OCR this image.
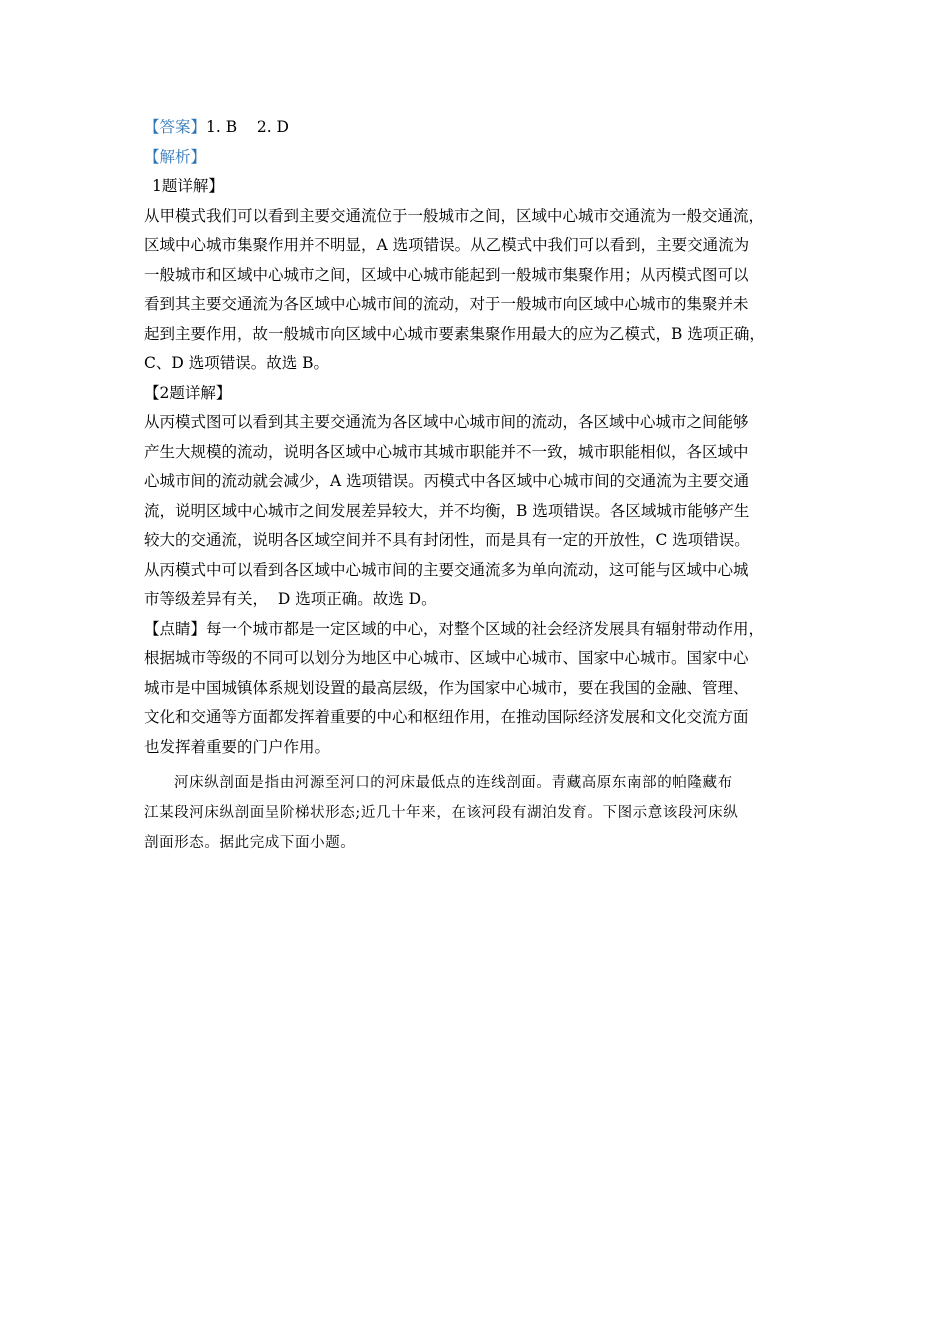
【答案】1. B    2. D

【解析】

1题详解】

从甲模式我们可以看到主要交通流位于一般城市之间，区域中心城市交通流为一般交通流，
区域中心城市集聚作用并不明显，A 选项错误。从乙模式中我们可以看到，主要交通流为
一般城市和区域中心城市之间，区域中心城市能起到一般城市集聚作用；从丙模式图可以
看到其主要交通流为各区域中心城市间的流动，对于一般城市向区域中心城市的集聚并未
起到主要作用，故一般城市向区域中心城市要素集聚作用最大的应为乙模式，B 选项正确，
C、D 选项错误。故选 B。

【2题详解】

从丙模式图可以看到其主要交通流为各区域中心城市间的流动，各区域中心城市之间能够
产生大规模的流动，说明各区域中心城市其城市职能并不一致，城市职能相似，各区域中
心城市间的流动就会减少，A 选项错误。丙模式中各区域中心城市间的交通流为主要交通
流，说明区域中心城市之间发展差异较大，并不均衡，B 选项错误。各区域城市能够产生
较大的交通流，说明各区域空间并不具有封闭性，而是具有一定的开放性，C 选项错误。
从丙模式中可以看到各区域中心城市间的主要交通流多为单向流动，这可能与区域中心城
市等级差异有关，  D 选项正确。故选 D。
【点睛】每一个城市都是一定区域的中心，对整个区域的社会经济发展具有辐射带动作用，
根据城市等级的不同可以划分为地区中心城市、区域中心城市、国家中心城市。国家中心
城市是中国城镇体系规划设置的最高层级，作为国家中心城市，要在我国的金融、管理、
文化和交通等方面都发挥着重要的中心和枢纽作用，在推动国际经济发展和文化交流方面
也发挥着重要的门户作用。
河床纵剖面是指由河源至河口的河床最低点的连线剖面。青藏高原东南部的帕隆藏布
江某段河床纵剖面呈阶梯状形态;近几十年来，在该河段有湖泊发育。下图示意该段河床纵
剖面形态。据此完成下面小题。
